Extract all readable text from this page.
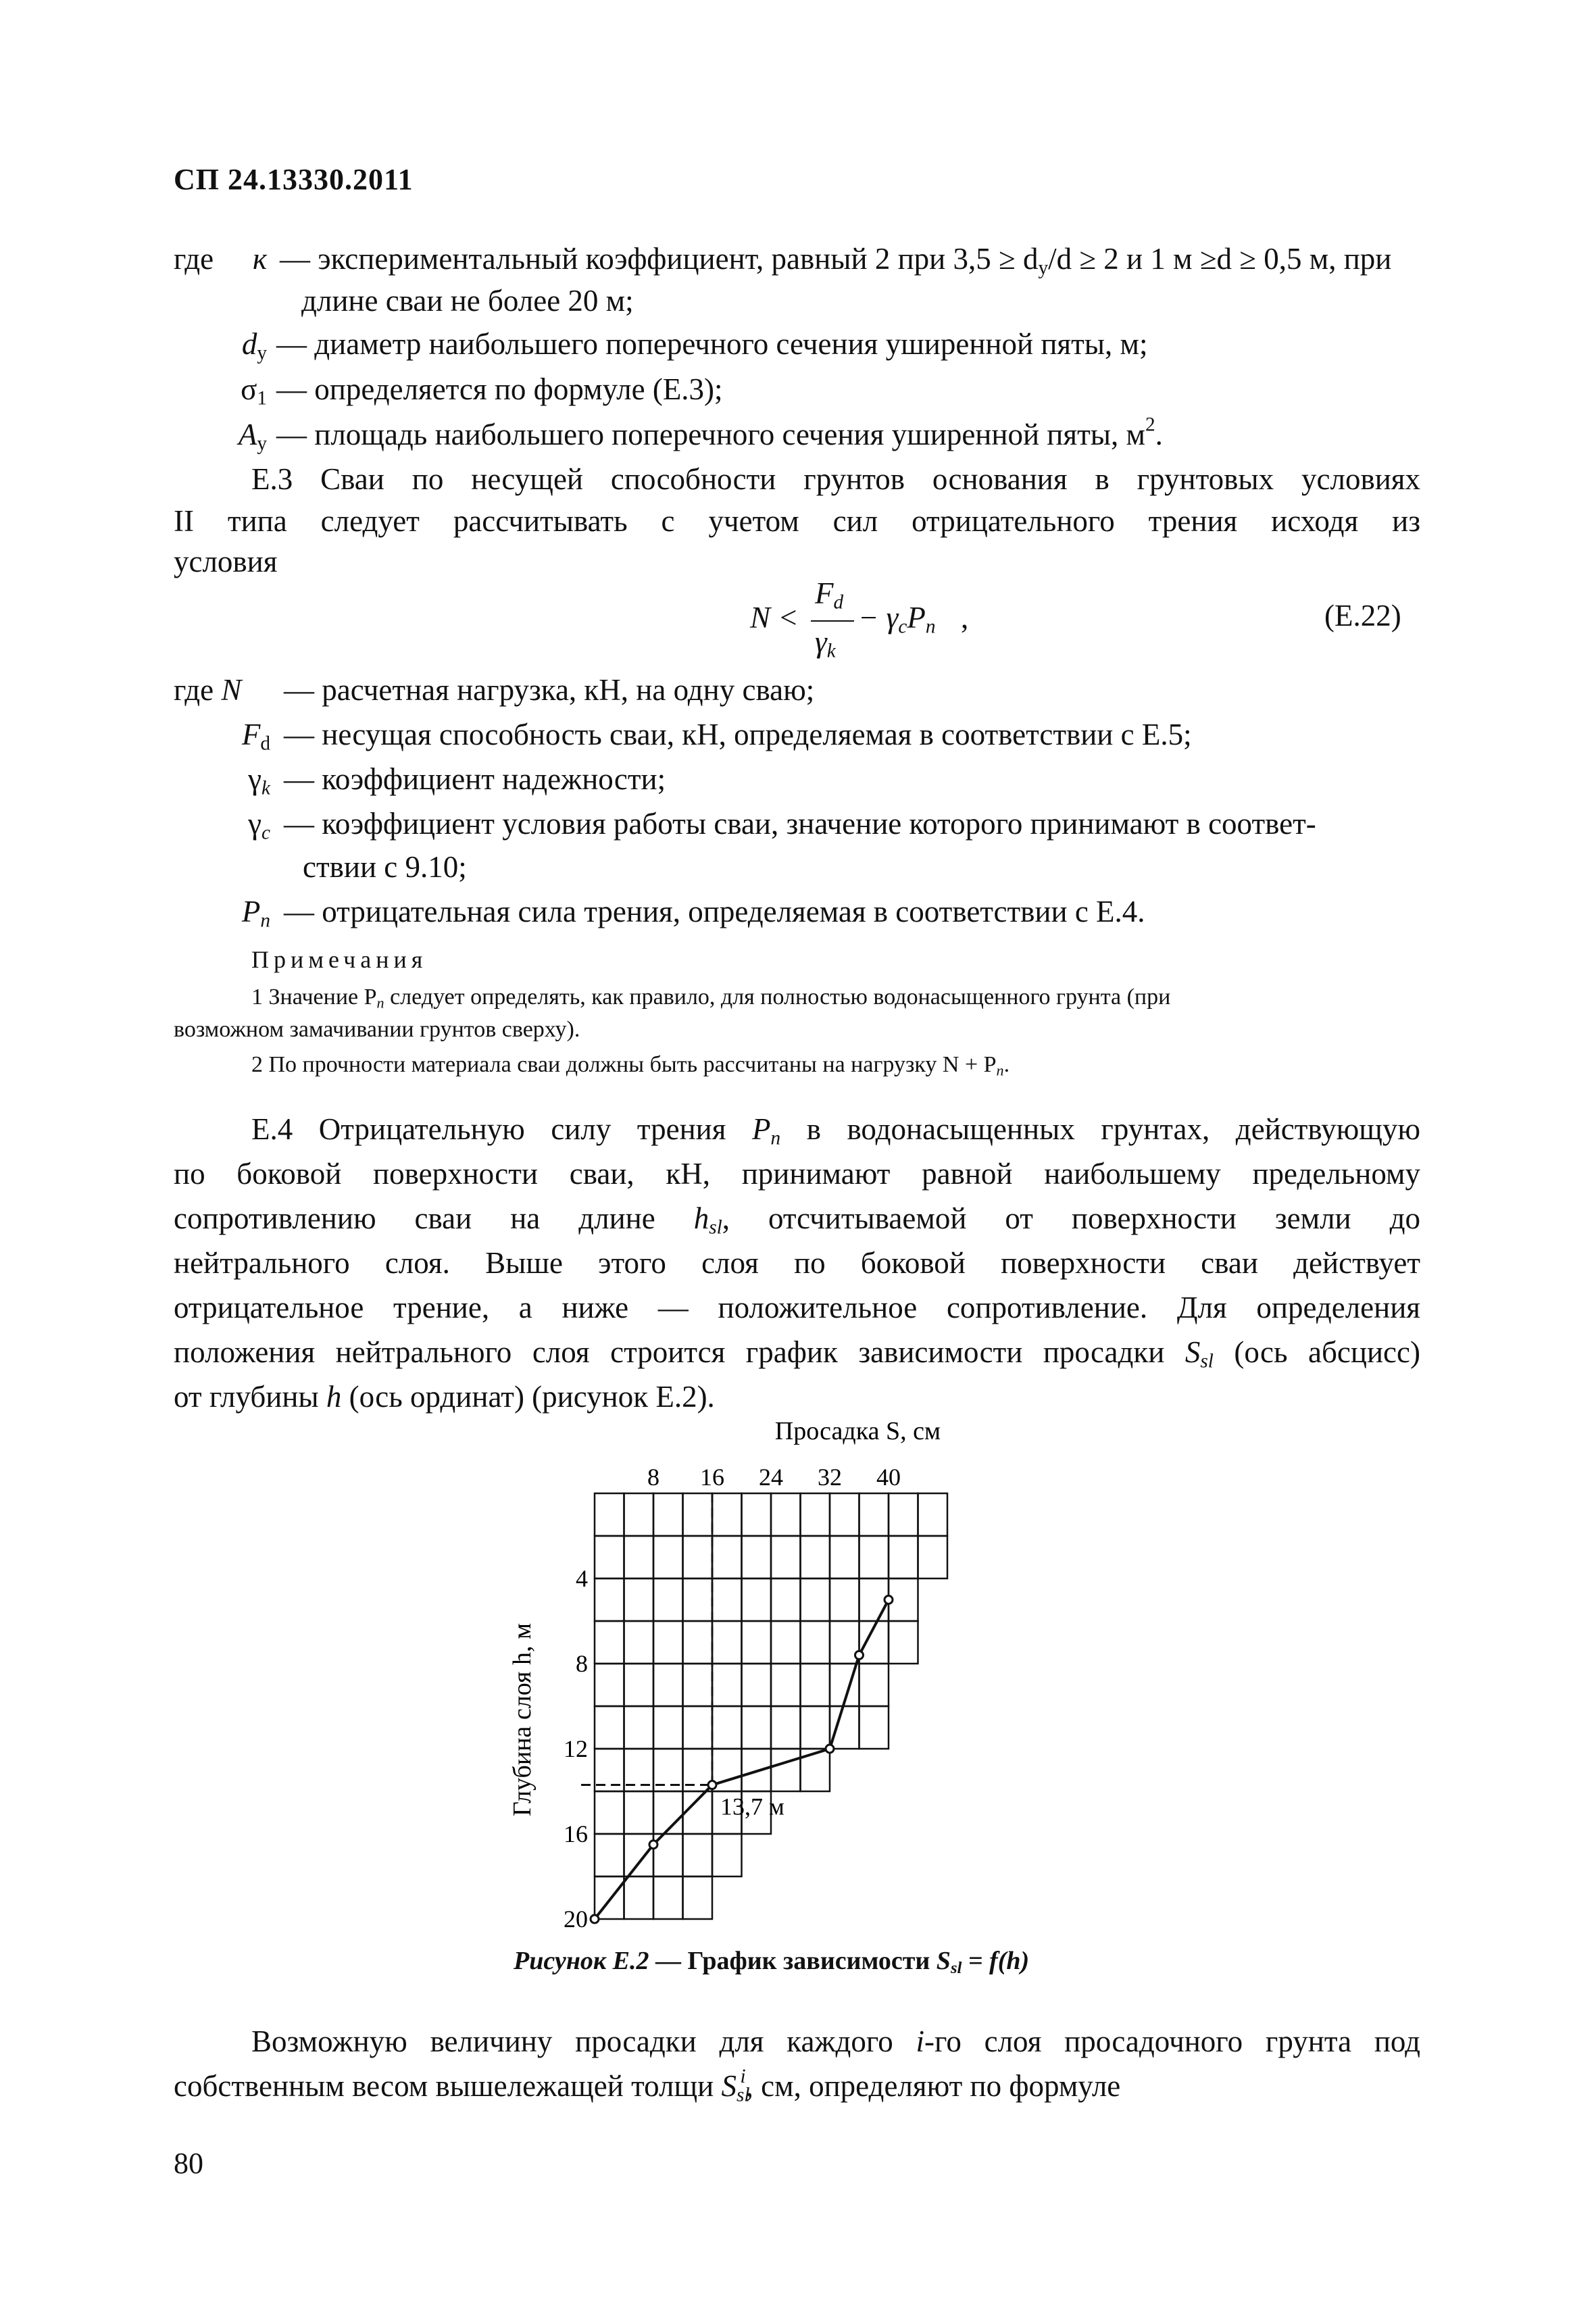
СП 24.13330.2011
где к — экспериментальный коэффициент, равный 2 при $3,5 \ge d_y/d \ge 2$ и 1 м ≥d ≥ 0,5 м, при
длине сваи не более 20 м;
$d_y$ — диаметр наибольшего поперечного сечения уширенной пяты, м;
$\sigma_1$ — определяется по формуле (Е.3);
$A_y$ — площадь наибольшего поперечного сечения уширенной пяты, $м^2$.
Е.3 Сваи по несущей способности грунтов основания в грунтовых условиях
II типа следует рассчитывать с учетом сил отрицательного трения исходя из
условия
N <
$F_d$
$\gamma_k$
− $\gamma_cP_n$ ,	(E.22)
где N — расчетная нагрузка, кН, на одну сваю;
$F_d$ — несущая способность сваи, кН, определяемая в соответствии с Е.5;
$\gamma_k$ — коэффициент надежности;
$\gamma_c$ — коэффициент условия работы сваи, значение которого принимают в соответ-
ствии с 9.10;
$P_n$ — отрицательная сила трения, определяемая в соответствии с Е.4.
Примечания
1 Значение $P_n$ следует определять, как правило, для полностью водонасыщенного грунта (при
возможном замачивании грунтов сверху).
2 По прочности материала сваи должны быть рассчитаны на нагрузку $N + P_n$.
Е.4 Отрицательную силу трения $P_n$ в водонасыщенных грунтах, действующую
по боковой поверхности сваи, кН, принимают равной наибольшему предельному
сопротивлению сваи на длине $h_{sl}$, отсчитываемой от поверхности земли до
нейтрального слоя. Выше этого слоя по боковой поверхности сваи действует
отрицательное трение, а ниже — положительное сопротивление. Для определения
положения нейтрального слоя строится график зависимости просадки $S_{sl}$ (ось абсцисс)
от глубины h (ось ординат) (рисунок Е.2).
8 16 24 32 40
4
8
12
16
20
Просадка S, см
Глубина слоя h, м	13,7 м
Рисунок Е.2 — График зависимости $S_{sl} = f(h)$
Возможную величину просадки для каждого i-го слоя просадочного грунта под
собственным весом вышележащей толщи $S_{sl}^i$, см, определяют по формуле
80
